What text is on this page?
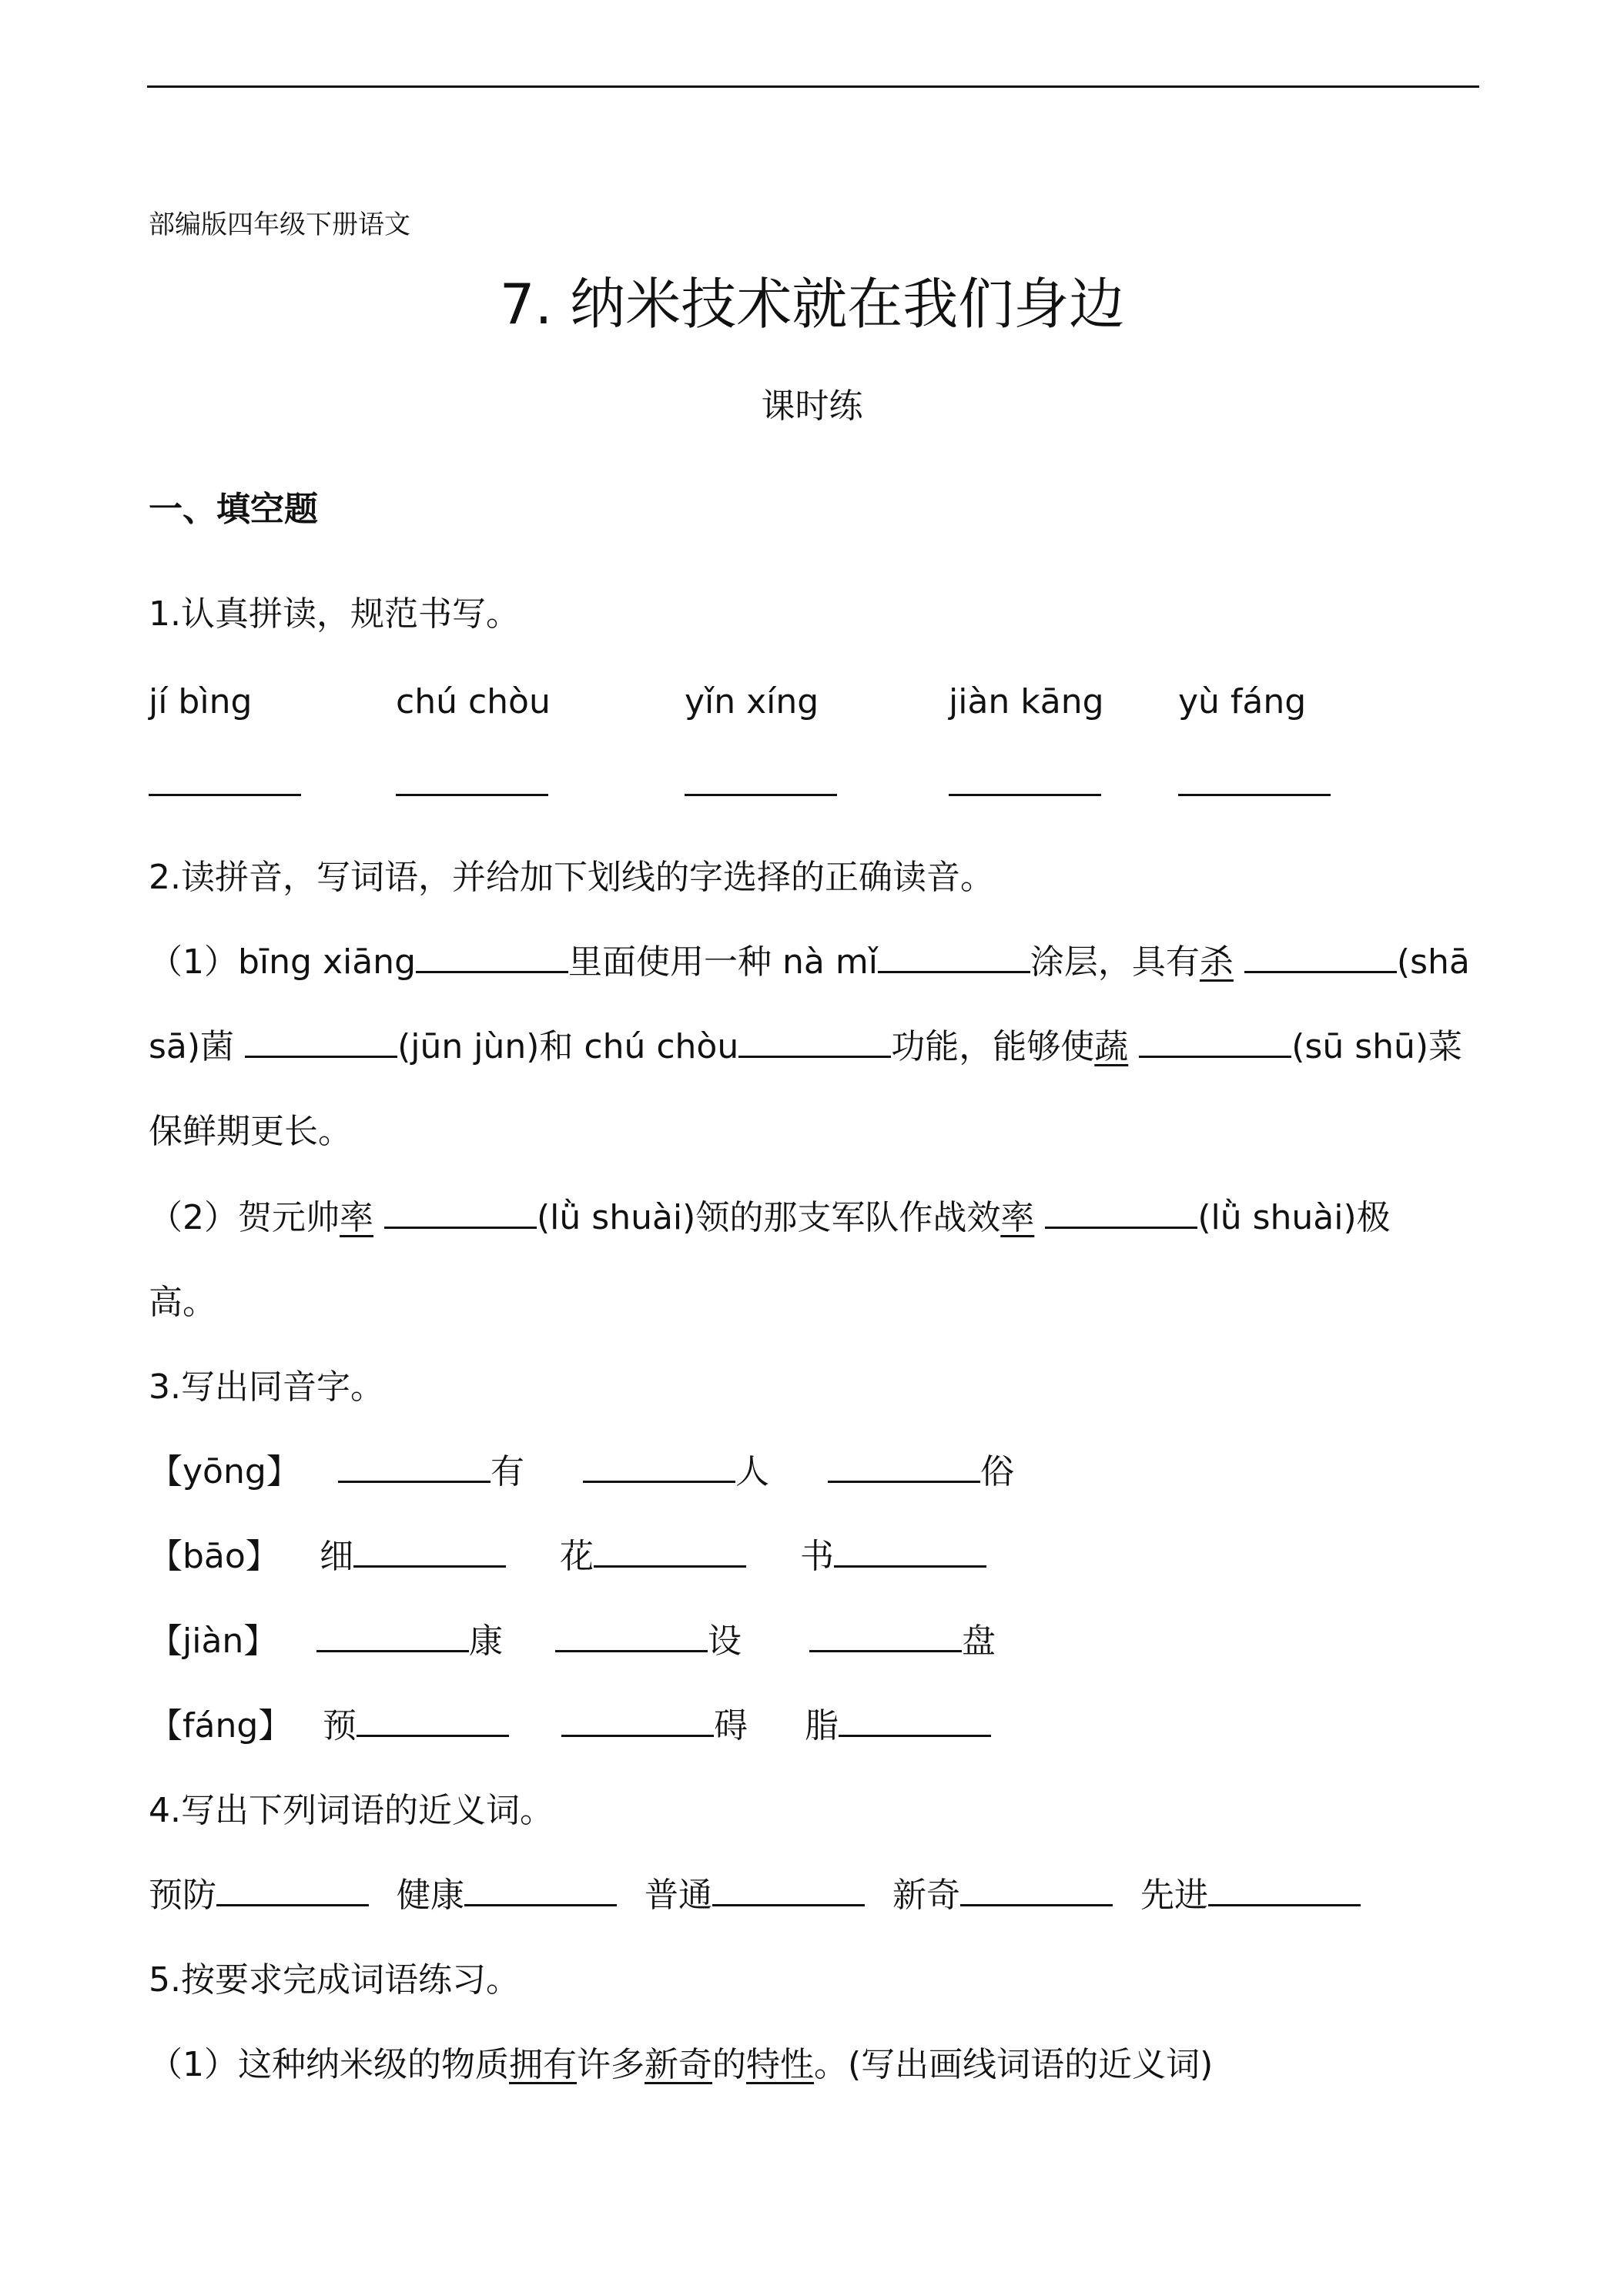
部编版四年级下册语文
7. 纳米技术就在我们身边
课时练
一、填空题
1.认真拼读，规范书写。
jí bìng	chú chòu	yǐn xíng	jiàn kāng yù fáng
2.读拼音，写词语，并给加下划线的字选择的正确读音。
（1）bīng xiāng	里面使用一种 nà mǐ	涂层，具有杀	(shā
sā)菌	(jūn jùn)和 chú chòu	功能，能够使蔬	(sū shū)菜
保鲜期更长。
（2）贺元帅率	(lǜ shuài)领的那支军队作战效率	(lǜ shuài)极
高。
3.写出同音字。
【yōng】	有	人	俗
【bāo】 细	花	书
【jiàn】	康	设	盘
【fáng】 预	碍 脂
4.写出下列词语的近义词。
预防	健康	普通	新奇	先进
5.按要求完成词语练习。
（1）这种纳米级的物质拥有许多新奇的特性。(写出画线词语的近义词)
